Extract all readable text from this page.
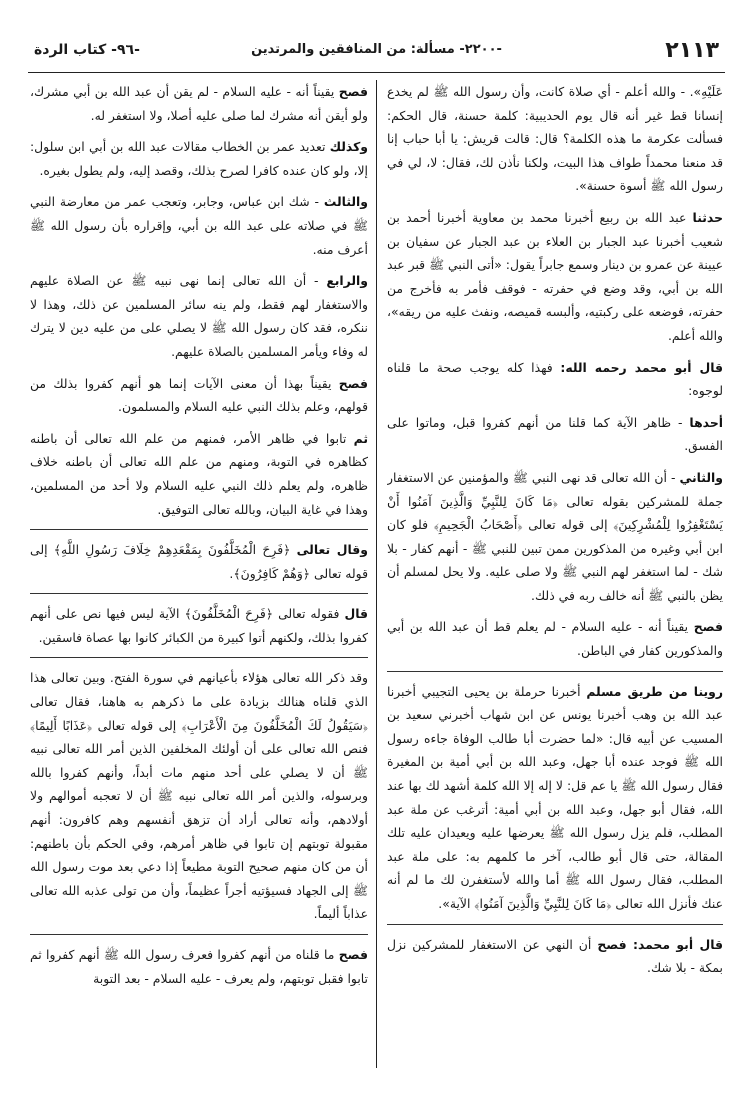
٢١١٣
-٢٢٠٠- مسألة: من المنافقين والمرتدين
-٩٦- كتاب الردة

عَلَيْهِ». - والله أعلم - أي صلاة كانت، وأن رسول الله ﷺ لم يخدع إنسانا قط غير أنه قال يوم الحديبية: كلمة حسنة، قال الحكم: فسألت عكرمة ما هذه الكلمة؟ قال: قالت قريش: يا أبا حباب إنا قد منعنا محمداً طواف هذا البيت، ولكنا نأذن لك، فقال: لا، لي في رسول الله ﷺ أسوة حسنة».

حدثنا عبد الله بن ربيع أخبرنا محمد بن معاوية أخبرنا أحمد بن شعيب أخبرنا عبد الجبار بن العلاء بن عبد الجبار عن سفيان بن عيينة عن عمرو بن دينار وسمع جابراً يقول: «أتى النبي ﷺ قبر عبد الله بن أبي، وقد وضع في حفرته - فوقف فأمر به فأخرج من حفرته، فوضعه على ركبتيه، وألبسه قميصه، ونفث عليه من ريقه»، والله أعلم.

قال أبو محمد رحمه الله: فهذا كله يوجب صحة ما قلناه لوجوه:

أحدها - ظاهر الآية كما قلنا من أنهم كفروا قبل، وماتوا على الفسق.

والثاني - أن الله تعالى قد نهى النبي ﷺ والمؤمنين عن الاستغفار جملة للمشركين بقوله تعالى ﴿مَا كَانَ لِلنَّبِيِّ وَالَّذِينَ آمَنُوا أَنْ يَسْتَغْفِرُوا لِلْمُشْرِكِينَ﴾ إلى قوله تعالى ﴿أَصْحَابُ الْجَحِيمِ﴾ فلو كان ابن أبي وغيره من المذكورين ممن تبين للنبي ﷺ - أنهم كفار - بلا شك - لما استغفر لهم النبي ﷺ ولا صلى عليه. ولا يحل لمسلم أن يظن بالنبي ﷺ أنه خالف ربه في ذلك.

فصح يقيناً أنه - عليه السلام - لم يعلم قط أن عبد الله بن أبي والمذكورين كفار في الباطن.

روينا من طريق مسلم أخبرنا حرملة بن يحيى التجيبي أخبرنا عبد الله بن وهب أخبرنا يونس عن ابن شهاب أخبرني سعيد بن المسيب عن أبيه قال: «لما حضرت أبا طالب الوفاة جاءه رسول الله ﷺ فوجد عنده أبا جهل، وعبد الله بن أبي أمية بن المغيرة فقال رسول الله ﷺ يا عم قل: لا إله إلا الله كلمة أشهد لك بها عند الله، فقال أبو جهل، وعبد الله بن أبي أمية: أترغب عن ملة عبد المطلب، فلم يزل رسول الله ﷺ يعرضها عليه ويعيدان عليه تلك المقالة، حتى قال أبو طالب، آخر ما كلمهم به: على ملة عبد المطلب، فقال رسول الله ﷺ أما والله لأستغفرن لك ما لم أنه عنك فأنزل الله تعالى ﴿مَا كَانَ لِلنَّبِيِّ وَالَّذِينَ آمَنُوا﴾ الآية».

قال أبو محمد: فصح أن النهي عن الاستغفار للمشركين نزل بمكة - بلا شك.

فصح يقيناً أنه - عليه السلام - لم يقن أن عبد الله بن أبي مشرك، ولو أيقن أنه مشرك لما صلى عليه أصلا، ولا استغفر له.

وكذلك تعديد عمر بن الخطاب مقالات عبد الله بن أبي ابن سلول: إلا، ولو كان عنده كافرا لصرح بذلك، وقصد إليه، ولم يطول بغيره.

والثالث - شك ابن عباس، وجابر، وتعجب عمر من معارضة النبي ﷺ في صلاته على عبد الله بن أبي، وإقراره بأن رسول الله ﷺ أعرف منه.

والرابع - أن الله تعالى إنما نهى نبيه ﷺ عن الصلاة عليهم والاستغفار لهم فقط، ولم ينه سائر المسلمين عن ذلك، وهذا لا ننكره، فقد كان رسول الله ﷺ لا يصلي على من عليه دين لا يترك له وفاء ويأمر المسلمين بالصلاة عليهم.

فصح يقيناً بهذا أن معنى الآيات إنما هو أنهم كفروا بذلك من قولهم، وعلم بذلك النبي عليه السلام والمسلمون.

ثم تابوا في ظاهر الأمر، فمنهم من علم الله تعالى أن باطنه كظاهره في التوبة، ومنهم من علم الله تعالى أن باطنه خلاف ظاهره، ولم يعلم ذلك النبي عليه السلام ولا أحد من المسلمين، وهذا في غاية البيان، وبالله تعالى التوفيق.

وقال تعالى ﴿فَرِحَ الْمُخَلَّفُونَ بِمَقْعَدِهِمْ خِلَافَ رَسُولِ اللَّهِ﴾ إلى قوله تعالى ﴿وَهُمْ كَافِرُونَ﴾.

قال فقوله تعالى ﴿فَرِحَ الْمُخَلَّفُونَ﴾ الآية ليس فيها نص على أنهم كفروا بذلك، ولكنهم أتوا كبيرة من الكبائر كانوا بها عصاة فاسقين.

وقد ذكر الله تعالى هؤلاء بأعيانهم في سورة الفتح. وبين تعالى هذا الذي قلناه هنالك بزيادة على ما ذكرهم به هاهنا، فقال تعالى ﴿سَيَقُولُ لَكَ الْمُخَلَّفُونَ مِنَ الْأَعْرَابِ﴾ إلى قوله تعالى ﴿عَذَابًا أَلِيمًا﴾ فنص الله تعالى على أن أولئك المخلفين الذين أمر الله تعالى نبيه ﷺ أن لا يصلي على أحد منهم مات أبداً، وأنهم كفروا بالله وبرسوله، والذين أمر الله تعالى نبيه ﷺ أن لا تعجبه أموالهم ولا أولادهم، وأنه تعالى أراد أن تزهق أنفسهم وهم كافرون: أنهم مقبولة توبتهم إن تابوا في ظاهر أمرهم، وفي الحكم بأن باطنهم: أن من كان منهم صحيح التوبة مطيعاً إذا دعي بعد موت رسول الله ﷺ إلى الجهاد فسيؤتيه أجراً عظيماً، وأن من تولى عذبه الله تعالى عذاباً أليماً.

فصح ما قلناه من أنهم كفروا فعرف رسول الله ﷺ أنهم كفروا ثم تابوا فقبل توبتهم، ولم يعرف - عليه السلام - بعد التوبة
